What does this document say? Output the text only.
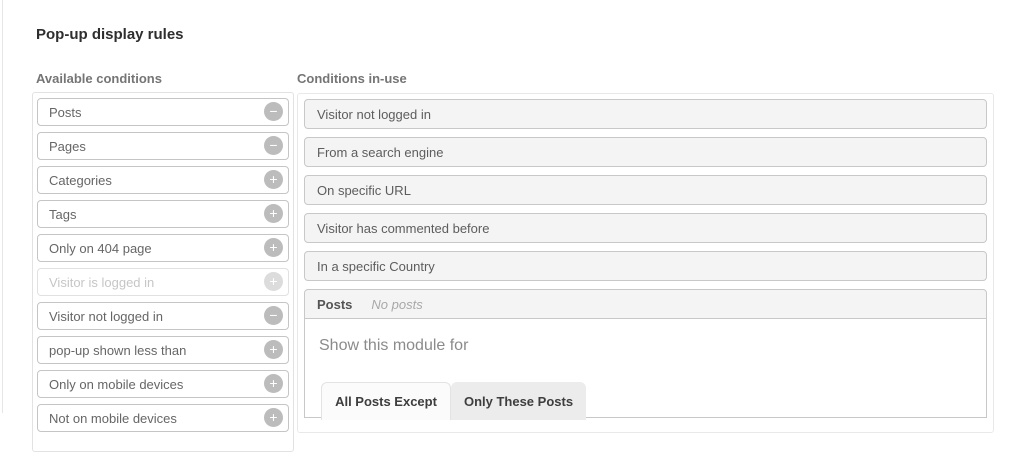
Pop-up display rules
Available conditions	Conditions in-use
Posts	−
Pages	−
Categories	+
Tags	+
Only on 404 page	+
Visitor is logged in	+
Visitor not logged in	−
pop-up shown less than	+
Only on mobile devices	+
Not on mobile devices	+
Visitor not logged in
From a search engine
On specific URL
Visitor has commented before
In a specific Country
Posts No posts
Show this module for
All Posts Except	Only These Posts
